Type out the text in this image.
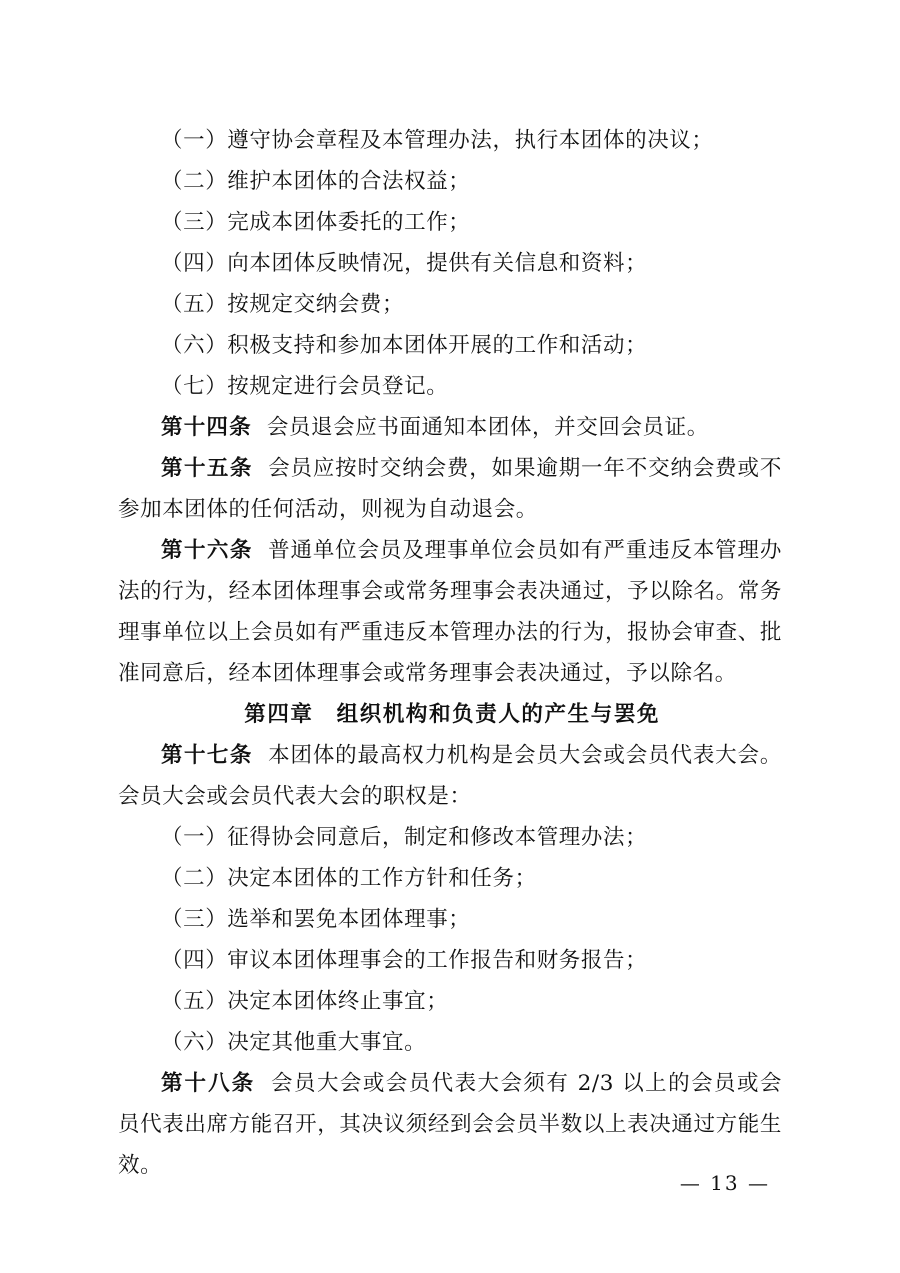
（一）遵守协会章程及本管理办法，执行本团体的决议；

（二）维护本团体的合法权益；

（三）完成本团体委托的工作；

（四）向本团体反映情况，提供有关信息和资料；

（五）按规定交纳会费；

（六）积极支持和参加本团体开展的工作和活动；

（七）按规定进行会员登记。

第十四条 会员退会应书面通知本团体，并交回会员证。

第十五条 会员应按时交纳会费，如果逾期一年不交纳会费或不参加本团体的任何活动，则视为自动退会。

第十六条 普通单位会员及理事单位会员如有严重违反本管理办法的行为，经本团体理事会或常务理事会表决通过，予以除名。常务理事单位以上会员如有严重违反本管理办法的行为，报协会审查、批准同意后，经本团体理事会或常务理事会表决通过，予以除名。

第四章　组织机构和负责人的产生与罢免

第十七条 本团体的最高权力机构是会员大会或会员代表大会。会员大会或会员代表大会的职权是：

（一）征得协会同意后，制定和修改本管理办法；

（二）决定本团体的工作方针和任务；

（三）选举和罢免本团体理事；

（四）审议本团体理事会的工作报告和财务报告；

（五）决定本团体终止事宜；

（六）决定其他重大事宜。

第十八条 会员大会或会员代表大会须有 2/3 以上的会员或会员代表出席方能召开，其决议须经到会会员半数以上表决通过方能生效。

— 13 —
